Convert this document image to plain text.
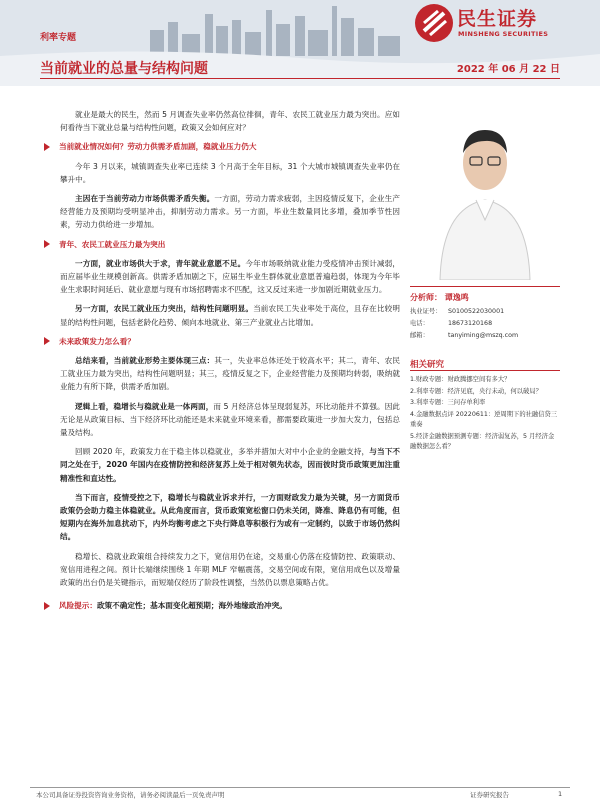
民生证券
MINSHENG SECURITIES
利率专题
当前就业的总量与结构问题	2022 年 06 月 22 日

就业是最大的民生，然而 5 月调查失业率仍然高位徘徊，青年、农民工就业压力最为突出。应如何看待当下就业总量与结构性问题，政策又会如何应对？

当前就业情况如何？劳动力供需矛盾加剧，稳就业压力仍大

今年 3 月以来，城镇调查失业率已连续 3 个月高于全年目标，31 个大城市城镇调查失业率仍在攀升中。

主因在于当前劳动力市场供需矛盾失衡。一方面，劳动力需求疲弱，主因疫情反复下，企业生产经营能力及预期均受明显冲击，抑制劳动力需求。另一方面，毕业生数量同比多增，叠加季节性因素，劳动力供给进一步增加。

青年、农民工就业压力最为突出

一方面，就业市场供大于求，青年就业意愿不足。今年市场吸纳就业能力受疫情冲击预计减弱，而应届毕业生规模创新高。供需矛盾加剧之下，应届生毕业生群体就业意愿普遍趋弱，体现为今年毕业生求职时间延后、就业意愿与现有市场招聘需求不匹配，这又反过来进一步加剧近期就业压力。

另一方面，农民工就业压力突出，结构性问题明显。当前农民工失业率处于高位，且存在比较明显的结构性问题，包括老龄化趋势、倾向本地就业、第三产业就业占比增加。

未来政策发力怎么看？

总结来看，当前就业形势主要体现三点：其一，失业率总体还处于较高水平；其二，青年、农民工就业压力最为突出，结构性问题明显；其三，疫情反复之下，企业经营能力及预期均转弱，吸纳就业能力有所下降，供需矛盾加剧。

逻辑上看，稳增长与稳就业是一体两面，而 5 月经济总体呈现弱复苏，环比动能并不算强。因此无论是从政策目标、当下经济环比动能还是未来就业环境来看，都需要政策进一步加大发力，包括总量及结构。

回顾 2020 年，政策发力在于稳主体以稳就业，多举并措加大对中小企业的金融支持，与当下不同之处在于，2020 年国内在疫情防控和经济复苏上处于相对领先状态，因而彼时货币政策更加注重精准性和直达性。

当下而言，疫情受控之下，稳增长与稳就业诉求并行，一方面财政发力最为关键，另一方面货币政策仍会助力稳主体稳就业。从此角度而言，货币政策宽松窗口仍未关闭，降准、降息仍有可能，但短期内在海外加息扰动下，内外均衡考虑之下央行降息等积极行为或有一定制约，以致于市场仍然纠结。

稳增长、稳就业政策组合持续发力之下，宽信用仍在途，交易重心仍落在疫情防控、政策联动、宽信用进程之间。预计长端继续围绕 1 年期 MLF 窄幅震荡，交易空间或有限，宽信用成色以及增量政策的出台仍是关键指示，而短端仅经历了阶段性调整，当然仍以票息策略占优。

风险提示： 政策不确定性；基本面变化超预期；海外地缘政治冲突。
分析师： 谭逸鸣
执业证号： S0100522030001
电话：	18673120168
邮箱：	tanyiming@mszq.com
相关研究
1.财政专题：财政腾挪空间有多大？
2.利率专题：经济见底，央行未动，何以破局？
3.利率专题：三问存单利率
4.金融数据点评 20220611：逆周期下的社融信贷三重奏
5.经济金融数据预测专题：经济弱复苏，5 月经济金融数据怎么看？
本公司具备证券投资咨询业务资格，请务必阅读最后一页免责声明	证券研究报告	1
